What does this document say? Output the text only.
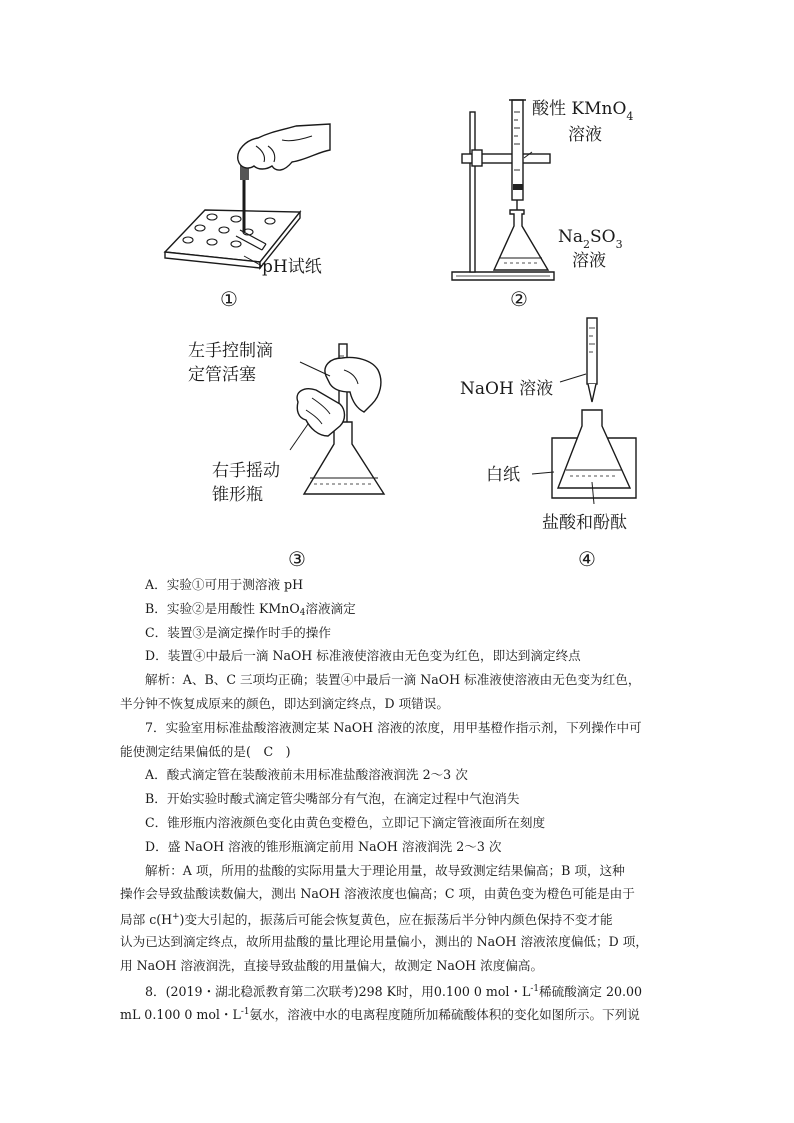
pH试纸
①
酸性 KMnO$_4$
溶液
$Na_2SO_3$
溶液
②
左手控制滴
定管活塞
右手摇动
锥形瓶
③
NaOH 溶液
白纸
盐酸和酚酞
④
A．实验①可用于测溶液 pH
B．实验②是用酸性 KMnO$_4$溶液滴定
C．装置③是滴定操作时手的操作
D．装置④中最后一滴 NaOH 标准液使溶液由无色变为红色，即达到滴定终点
解析：A、B、C 三项均正确；装置④中最后一滴 NaOH 标准液使溶液由无色变为红色，
半分钟不恢复成原来的颜色，即达到滴定终点，D 项错误。
7．实验室用标准盐酸溶液测定某 NaOH 溶液的浓度，用甲基橙作指示剂，下列操作中可
能使测定结果偏低的是(　C　)
A．酸式滴定管在装酸液前未用标准盐酸溶液润洗 2～3 次
B．开始实验时酸式滴定管尖嘴部分有气泡，在滴定过程中气泡消失
C．锥形瓶内溶液颜色变化由黄色变橙色，立即记下滴定管液面所在刻度
D．盛 NaOH 溶液的锥形瓶滴定前用 NaOH 溶液润洗 2～3 次
解析：A 项，所用的盐酸的实际用量大于理论用量，故导致测定结果偏高；B 项，这种
操作会导致盐酸读数偏大，测出 NaOH 溶液浓度也偏高；C 项，由黄色变为橙色可能是由于
局部 c(H+)变大引起的，振荡后可能会恢复黄色，应在振荡后半分钟内颜色保持不变才能
认为已达到滴定终点，故所用盐酸的量比理论用量偏小，测出的 NaOH 溶液浓度偏低；D 项，
用 NaOH 溶液润洗，直接导致盐酸的用量偏大，故测定 NaOH 浓度偏高。
8．(2019・湖北稳派教育第二次联考)298 K时，用0.100 0 mol・$L^{-1}$稀硫酸滴定 20.00
mL 0.100 0 mol・$L^{-1}$氨水，溶液中水的电离程度随所加稀硫酸体积的变化如图所示。下列说
